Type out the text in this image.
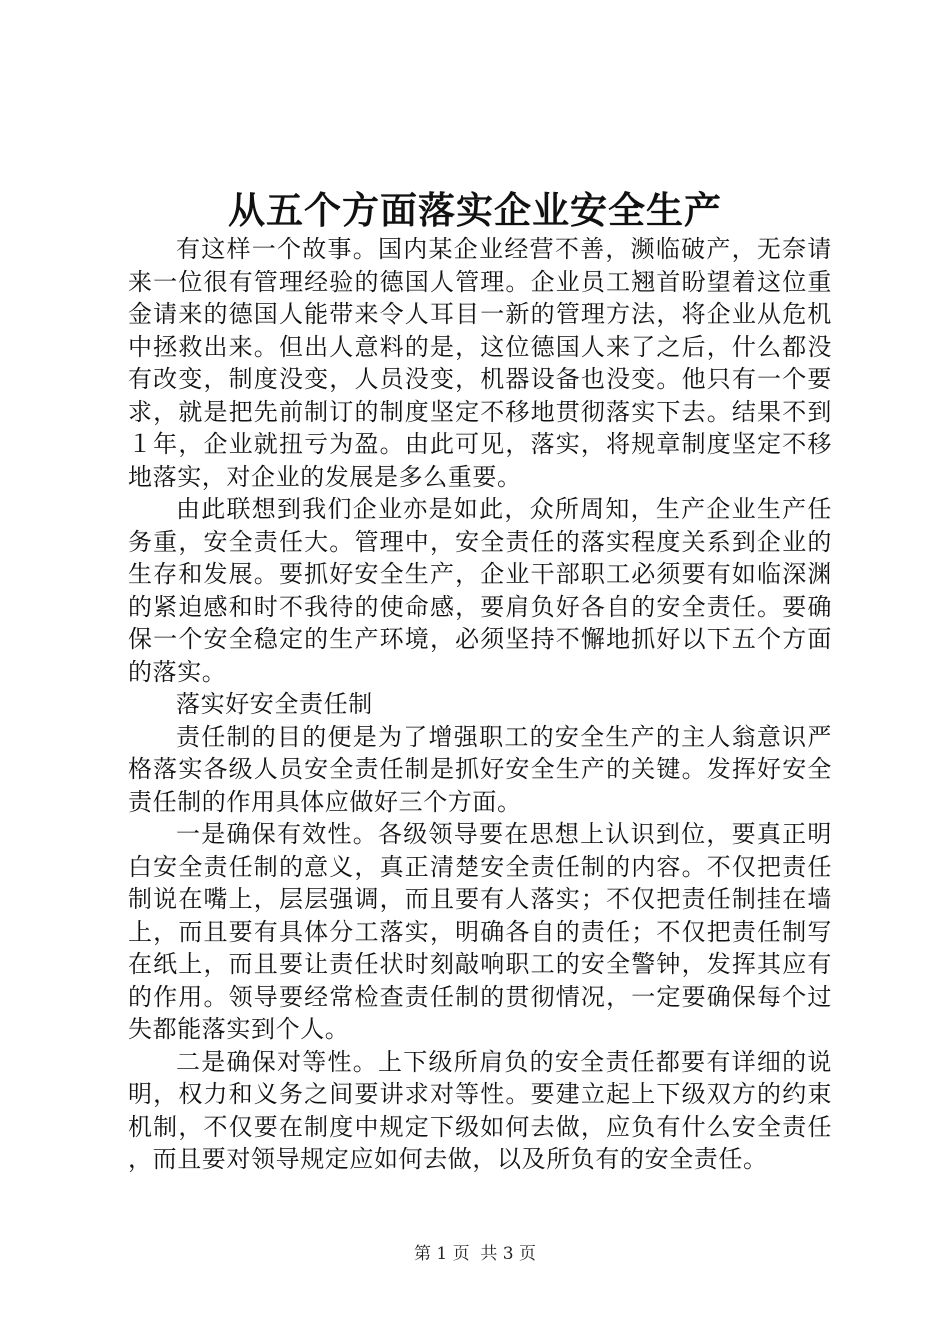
从五个方面落实企业安全生产

有这样一个故事。国内某企业经营不善，濒临破产，无奈请来一位很有管理经验的德国人管理。企业员工翘首盼望着这位重金请来的德国人能带来令人耳目一新的管理方法，将企业从危机中拯救出来。但出人意料的是，这位德国人来了之后，什么都没有改变，制度没变，人员没变，机器设备也没变。他只有一个要求，就是把先前制订的制度坚定不移地贯彻落实下去。结果不到１年，企业就扭亏为盈。由此可见，落实，将规章制度坚定不移地落实，对企业的发展是多么重要。

由此联想到我们企业亦是如此，众所周知，生产企业生产任务重，安全责任大。管理中，安全责任的落实程度关系到企业的生存和发展。要抓好安全生产，企业干部职工必须要有如临深渊的紧迫感和时不我待的使命感，要肩负好各自的安全责任。要确保一个安全稳定的生产环境，必须坚持不懈地抓好以下五个方面的落实。

落实好安全责任制

责任制的目的便是为了增强职工的安全生产的主人翁意识严格落实各级人员安全责任制是抓好安全生产的关键。发挥好安全责任制的作用具体应做好三个方面。

一是确保有效性。各级领导要在思想上认识到位，要真正明白安全责任制的意义，真正清楚安全责任制的内容。不仅把责任制说在嘴上，层层强调，而且要有人落实；不仅把责任制挂在墙上，而且要有具体分工落实，明确各自的责任；不仅把责任制写在纸上，而且要让责任状时刻敲响职工的安全警钟，发挥其应有的作用。领导要经常检查责任制的贯彻情况，一定要确保每个过失都能落实到个人。

二是确保对等性。上下级所肩负的安全责任都要有详细的说明，权力和义务之间要讲求对等性。要建立起上下级双方的约束机制，不仅要在制度中规定下级如何去做，应负有什么安全责任，而且要对领导规定应如何去做，以及所负有的安全责任。

第 1 页  共 3 页
